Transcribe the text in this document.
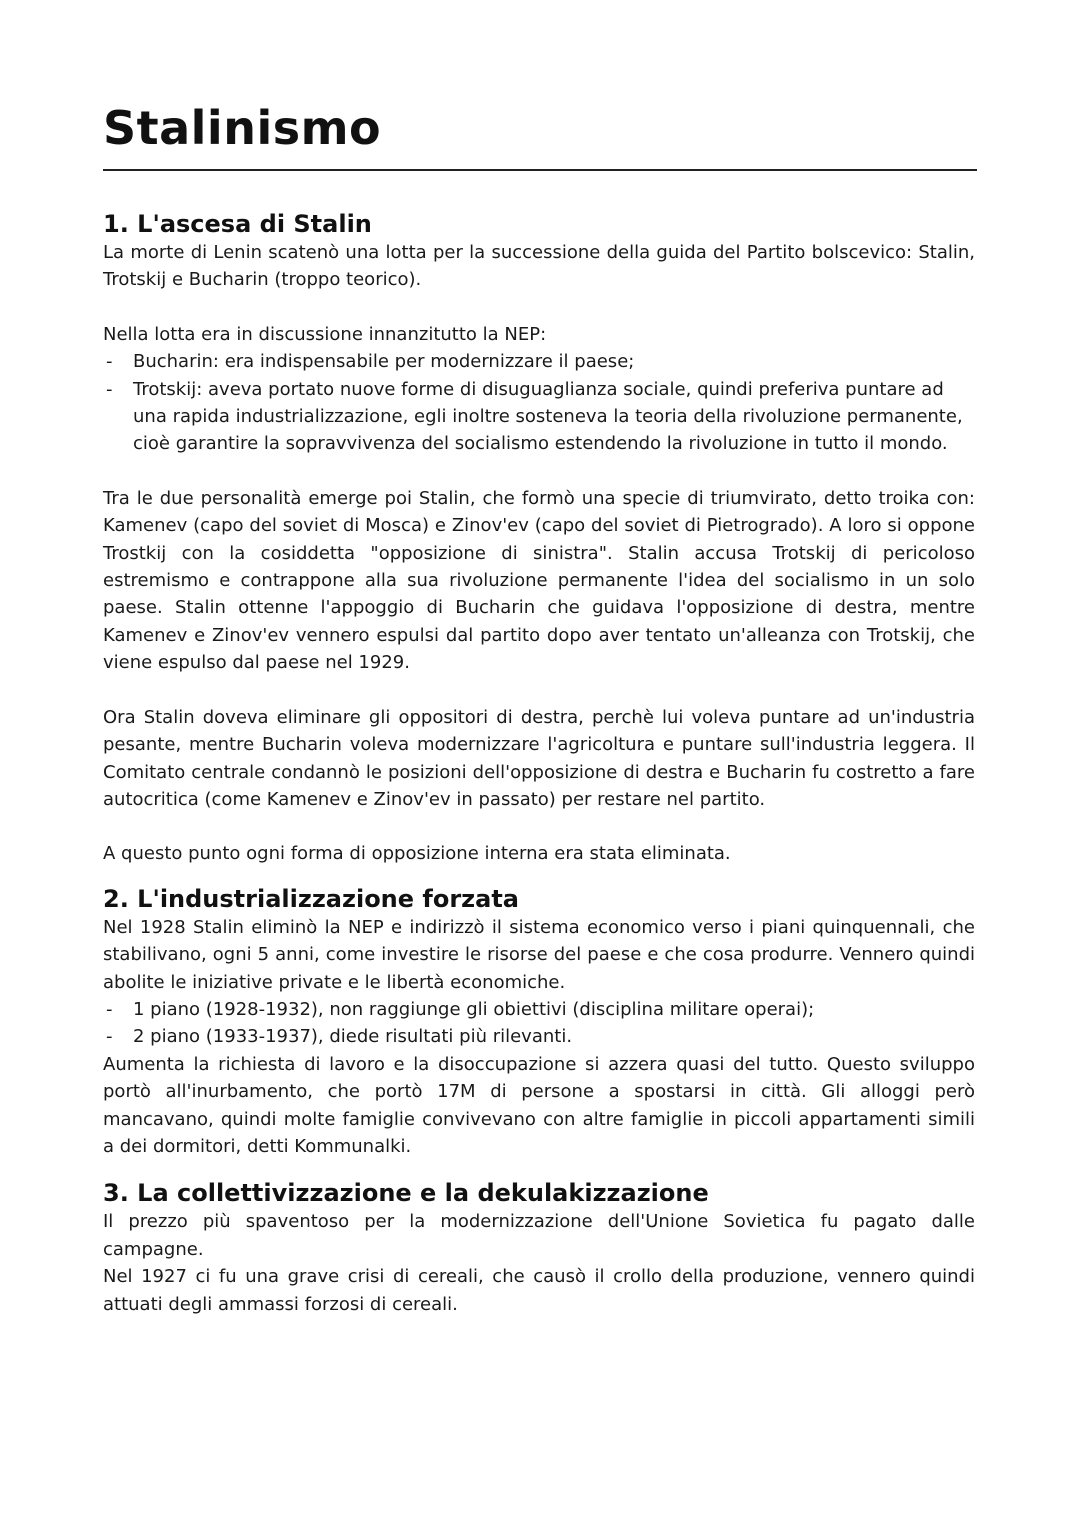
Stalinismo
1. L'ascesa di Stalin

La morte di Lenin scatenò una lotta per la successione della guida del Partito bolscevico: Stalin, Trotskij e Bucharin (troppo teorico).

Nella lotta era in discussione innanzitutto la NEP:

- Bucharin: era indispensabile per modernizzare il paese;
- Trotskij: aveva portato nuove forme di disuguaglianza sociale, quindi preferiva puntare ad una rapida industrializzazione, egli inoltre sosteneva la teoria della rivoluzione permanente, cioè garantire la sopravvivenza del socialismo estendendo la rivoluzione in tutto il mondo.

Tra le due personalità emerge poi Stalin, che formò una specie di triumvirato, detto troika con: Kamenev (capo del soviet di Mosca) e Zinov'ev (capo del soviet di Pietrogrado). A loro si oppone Trostkij con la cosiddetta "opposizione di sinistra". Stalin accusa Trotskij di pericoloso estremismo e contrappone alla sua rivoluzione permanente l'idea del socialismo in un solo paese. Stalin ottenne l'appoggio di Bucharin che guidava l'opposizione di destra, mentre Kamenev e Zinov'ev vennero espulsi dal partito dopo aver tentato un'alleanza con Trotskij, che viene espulso dal paese nel 1929.

Ora Stalin doveva eliminare gli oppositori di destra, perchè lui voleva puntare ad un'industria pesante, mentre Bucharin voleva modernizzare l'agricoltura e puntare sull'industria leggera. Il Comitato centrale condannò le posizioni dell'opposizione di destra e Bucharin fu costretto a fare autocritica (come Kamenev e Zinov'ev in passato) per restare nel partito.

A questo punto ogni forma di opposizione interna era stata eliminata.

2. L'industrializzazione forzata

Nel 1928 Stalin eliminò la NEP e indirizzò il sistema economico verso i piani quinquennali, che stabilivano, ogni 5 anni, come investire le risorse del paese e che cosa produrre. Vennero quindi abolite le iniziative private e le libertà economiche.

- 1 piano (1928-1932), non raggiunge gli obiettivi (disciplina militare operai);
- 2 piano (1933-1937), diede risultati più rilevanti.

Aumenta la richiesta di lavoro e la disoccupazione si azzera quasi del tutto. Questo sviluppo portò all'inurbamento, che portò 17M di persone a spostarsi in città. Gli alloggi però mancavano, quindi molte famiglie convivevano con altre famiglie in piccoli appartamenti simili a dei dormitori, detti Kommunalki.

3. La collettivizzazione e la dekulakizzazione

Il prezzo più spaventoso per la modernizzazione dell'Unione Sovietica fu pagato dalle campagne.

Nel 1927 ci fu una grave crisi di cereali, che causò il crollo della produzione, vennero quindi attuati degli ammassi forzosi di cereali.
